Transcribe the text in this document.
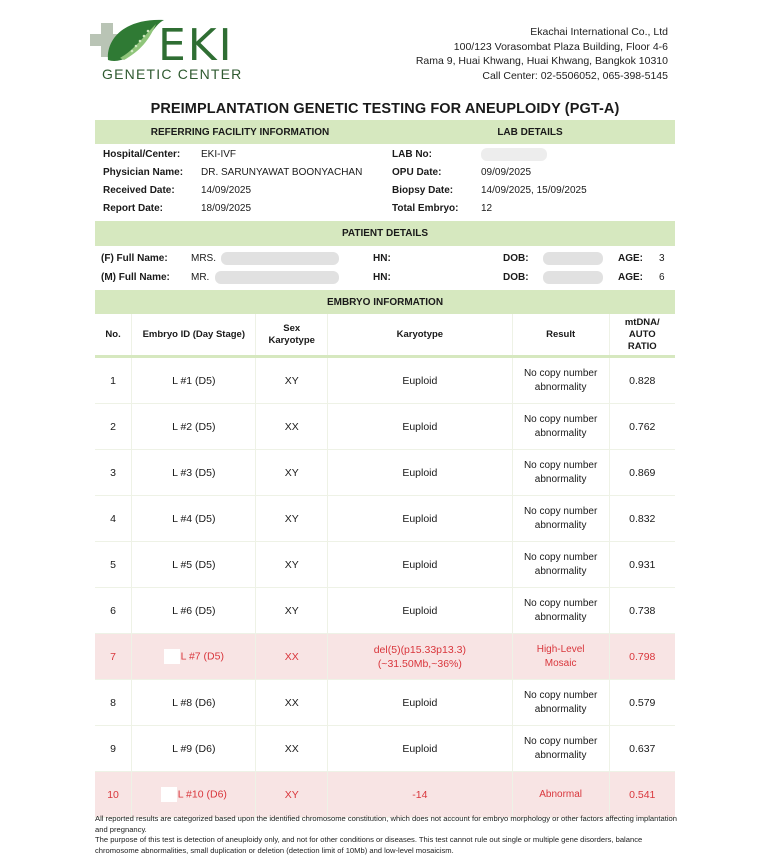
EKI
GENETIC CENTER
Ekachai International Co., Ltd
100/123 Vorasombat Plaza Building, Floor 4-6
Rama 9, Huai Khwang, Huai Khwang, Bangkok 10310
Call Center: 02-5506052, 065-398-5145
PREIMPLANTATION GENETIC TESTING FOR ANEUPLOIDY (PGT-A)
REFERRING FACILITY INFORMATION	LAB DETAILS
Hospital/Center:	EKI-IVF
Physician Name:	DR. SARUNYAWAT BOONYACHAN
Received Date:	14/09/2025
Report Date:	18/09/2025
LAB No:
OPU Date:	09/09/2025
Biopsy Date:	14/09/2025, 15/09/2025
Total Embryo:	12
PATIENT DETAILS
(F) Full Name:	MRS.	HN:	DOB:	AGE:	3
(M) Full Name:	MR.	HN:	DOB:	AGE:	6
EMBRYO INFORMATION
No.	Embryo ID (Day Stage)	Sex Karyotype	Karyotype	Result	mtDNA/ AUTO RATIO
1	L #1 (D5)	XY	Euploid	No copy number abnormality	0.828
2	L #2 (D5)	XX	Euploid	No copy number abnormality	0.762
3	L #3 (D5)	XY	Euploid	No copy number abnormality	0.869
4	L #4 (D5)	XY	Euploid	No copy number abnormality	0.832
5	L #5 (D5)	XY	Euploid	No copy number abnormality	0.931
6	L #6 (D5)	XY	Euploid	No copy number abnormality	0.738
7	L #7 (D5)	XX	del(5)(p15.33p13.3) (~31.50Mb,~36%)	High-Level Mosaic	0.798
8	L #8 (D6)	XX	Euploid	No copy number abnormality	0.579
9	L #9 (D6)	XX	Euploid	No copy number abnormality	0.637
10	L #10 (D6)	XY	-14	Abnormal	0.541
All reported results are categorized based upon the identified chromosome constitution, which does not account for embryo morphology or other factors affecting implantation and pregnancy.
The purpose of this test is detection of aneuploidy only, and not for other conditions or diseases. This test cannot rule out single or multiple gene disorders, balance chromosome abnormalities, small duplication or deletion (detection limit of 10Mb) and low-level mosaicism.
